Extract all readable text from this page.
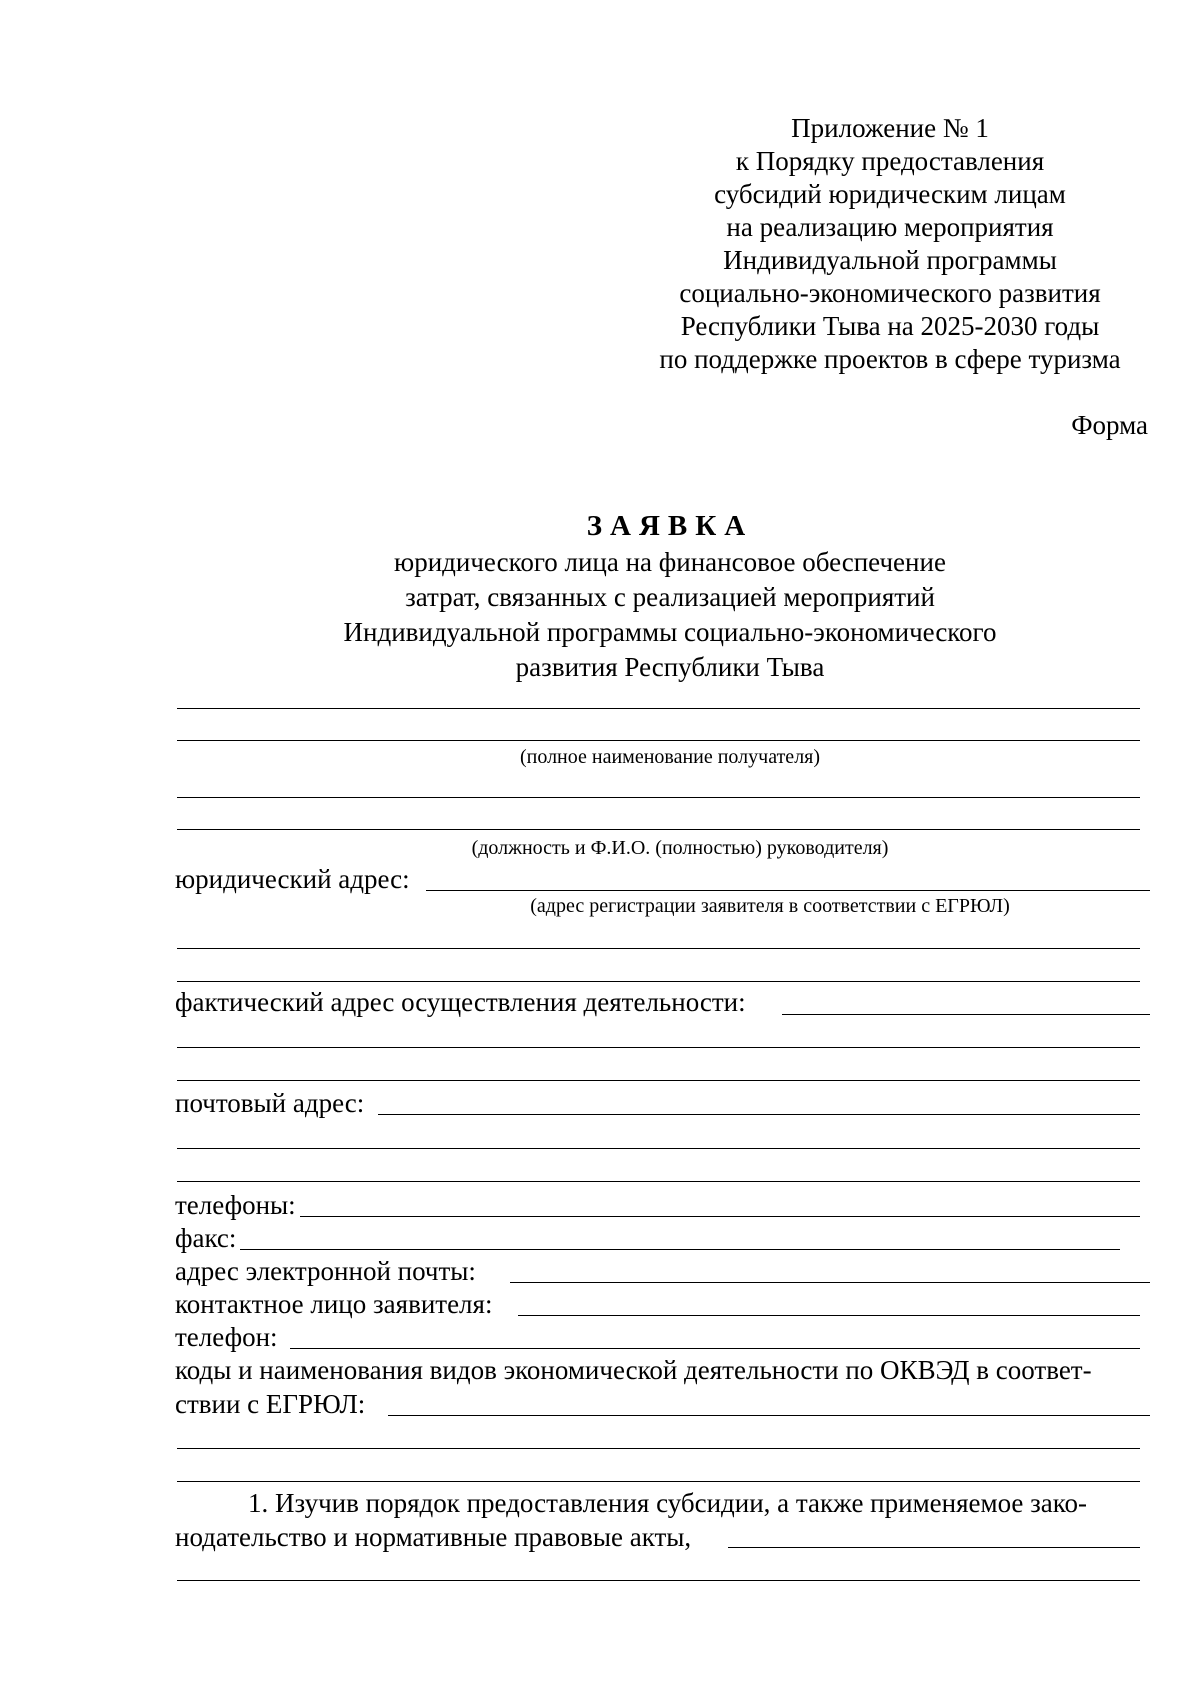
Приложение № 1
к Порядку предоставления
субсидий юридическим лицам
на реализацию мероприятия
Индивидуальной программы
социально-экономического развития
Республики Тыва на 2025-2030 годы
по поддержке проектов в сфере туризма
Форма
ЗАЯВКА
юридического лица на финансовое обеспечение
затрат, связанных с реализацией мероприятий
Индивидуальной программы социально-экономического
развития Республики Тыва
(полное наименование получателя)
(должность и Ф.И.О. (полностью) руководителя)
юридический адрес:
(адрес регистрации заявителя в соответствии с ЕГРЮЛ)
фактический адрес осуществления деятельности:
почтовый адрес:
телефоны:
факс:
адрес электронной почты:
контактное лицо заявителя:
телефон:
коды и наименования видов экономической деятельности по ОКВЭД в соответ-
ствии с ЕГРЮЛ:
1. Изучив порядок предоставления субсидии, а также применяемое зако-
нодательство и нормативные правовые акты,
